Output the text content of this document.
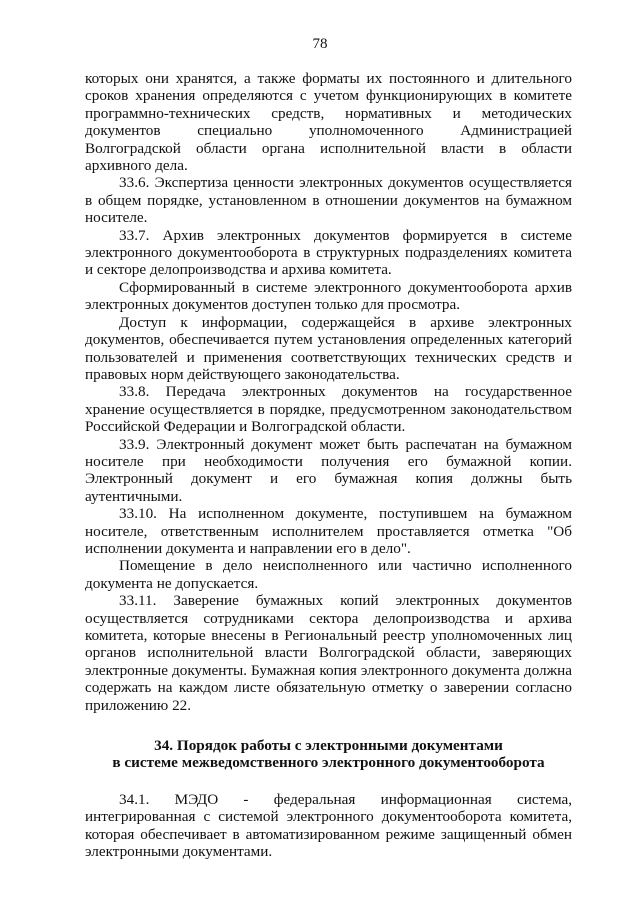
78

которых они хранятся, а также форматы их постоянного и длительного сроков хранения определяются с учетом функционирующих в комитете программно-технических средств, нормативных и методических документов специально уполномоченного Администрацией Волгоградской области органа исполнительной власти в области архивного дела.

33.6. Экспертиза ценности электронных документов осуществляется в общем порядке, установленном в отношении документов на бумажном носителе.

33.7. Архив электронных документов формируется в системе электронного документооборота в структурных подразделениях комитета и секторе делопроизводства и архива комитета.

Сформированный в системе электронного документооборота архив электронных документов доступен только для просмотра.

Доступ к информации, содержащейся в архиве электронных документов, обеспечивается путем установления определенных категорий пользователей и применения соответствующих технических средств и правовых норм действующего законодательства.

33.8. Передача электронных документов на государственное хранение осуществляется в порядке, предусмотренном законодательством Российской Федерации и Волгоградской области.

33.9. Электронный документ может быть распечатан на бумажном носителе при необходимости получения его бумажной копии. Электронный документ и его бумажная копия должны быть аутентичными.

33.10. На исполненном документе, поступившем на бумажном носителе, ответственным исполнителем проставляется отметка "Об исполнении документа и направлении его в дело".

Помещение в дело неисполненного или частично исполненного документа не допускается.

33.11. Заверение бумажных копий электронных документов осуществляется сотрудниками сектора делопроизводства и архива комитета, которые внесены в Региональный реестр уполномоченных лиц органов исполнительной власти Волгоградской области, заверяющих электронные документы. Бумажная копия электронного документа должна содержать на каждом листе обязательную отметку о заверении согласно приложению 22.

34. Порядок работы с электронными документами
в системе межведомственного электронного документооборота

34.1. МЭДО - федеральная информационная система, интегрированная с системой электронного документооборота комитета, которая обеспечивает в автоматизированном режиме защищенный обмен электронными документами.
